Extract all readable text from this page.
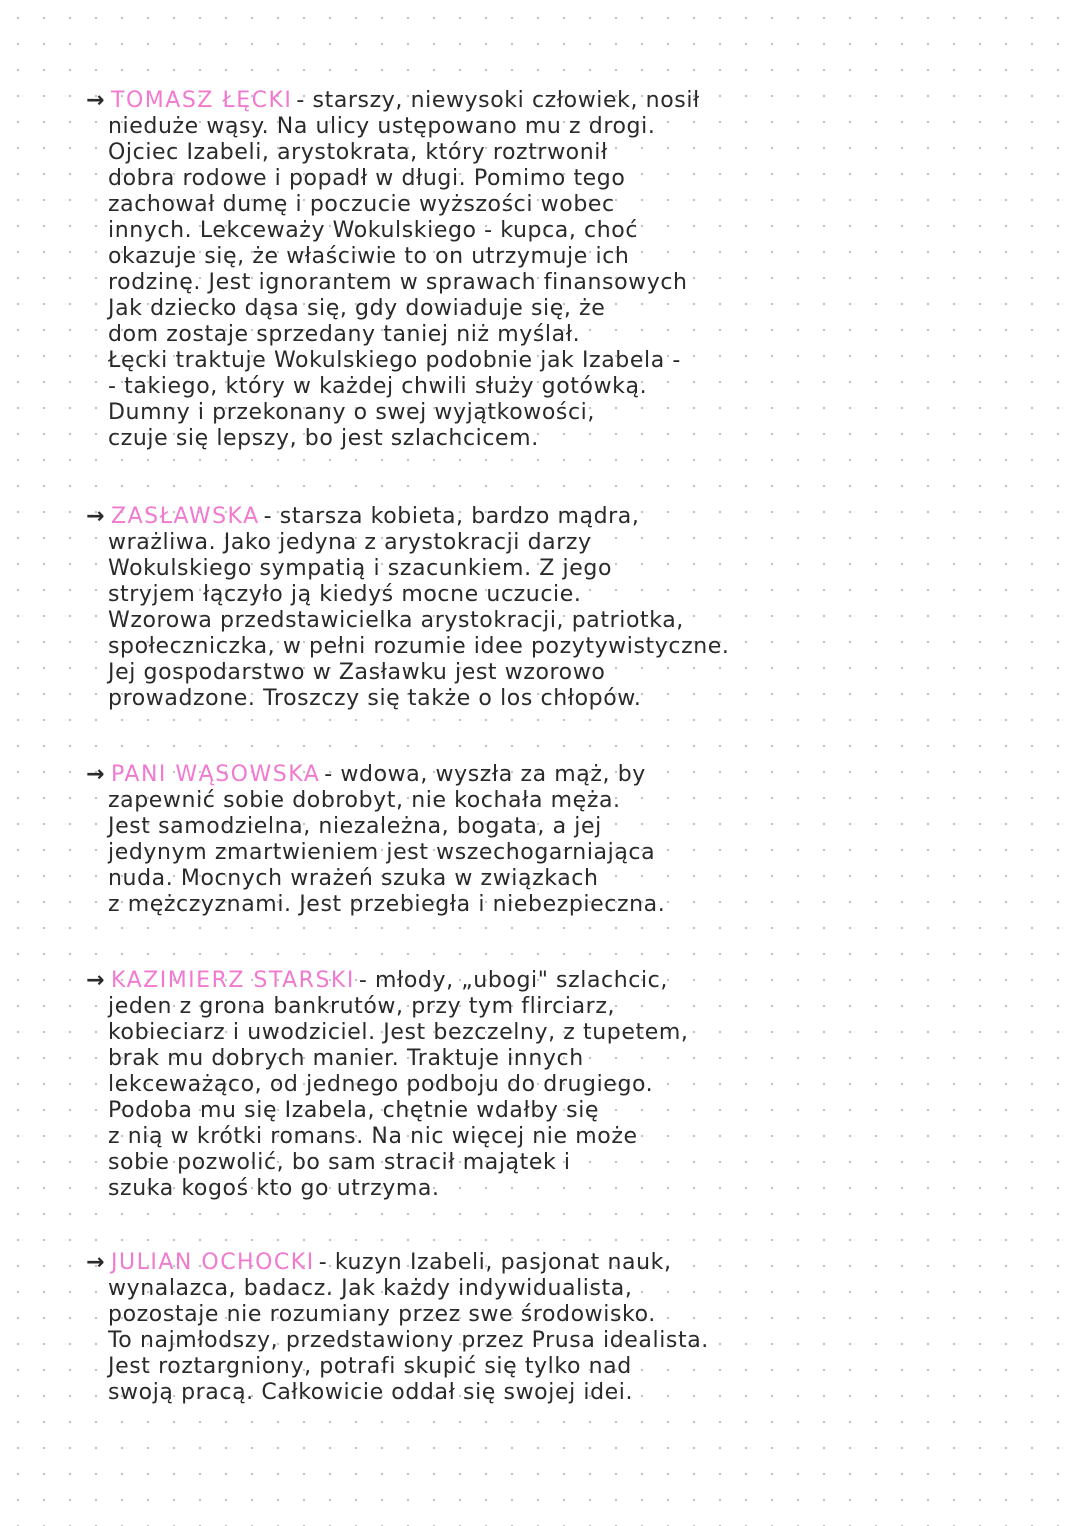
→ TOMASZ ŁĘCKI - starszy, niewysoki człowiek, nosił
nieduże wąsy. Na ulicy ustępowano mu z drogi.
Ojciec Izabeli, arystokrata, który roztrwonił
dobra rodowe i popadł w długi. Pomimo tego
zachował dumę i poczucie wyższości wobec
innych. Lekceważy Wokulskiego - kupca, choć
okazuje się, że właściwie to on utrzymuje ich
rodzinę. Jest ignorantem w sprawach finansowych
Jak dziecko dąsa się, gdy dowiaduje się, że
dom zostaje sprzedany taniej niż myślał.
Łęcki traktuje Wokulskiego podobnie jak Izabela -
- takiego, który w każdej chwili służy gotówką.
Dumny i przekonany o swej wyjątkowości,
czuje się lepszy, bo jest szlachcicem.
→ ZASŁAWSKA - starsza kobieta, bardzo mądra,
wrażliwa. Jako jedyna z arystokracji darzy
Wokulskiego sympatią i szacunkiem. Z jego
stryjem łączyło ją kiedyś mocne uczucie.
Wzorowa przedstawicielka arystokracji, patriotka,
społeczniczka, w pełni rozumie idee pozytywistyczne.
Jej gospodarstwo w Zasławku jest wzorowo
prowadzone. Troszczy się także o los chłopów.
→ PANI WĄSOWSKA - wdowa, wyszła za mąż, by
zapewnić sobie dobrobyt, nie kochała męża.
Jest samodzielna, niezależna, bogata, a jej
jedynym zmartwieniem jest wszechogarniająca
nuda. Mocnych wrażeń szuka w związkach
z mężczyznami. Jest przebiegła i niebezpieczna.
→ KAZIMIERZ STARSKI - młody, „ubogi" szlachcic,
jeden z grona bankrutów, przy tym flirciarz,
kobieciarz i uwodziciel. Jest bezczelny, z tupetem,
brak mu dobrych manier. Traktuje innych
lekceważąco, od jednego podboju do drugiego.
Podoba mu się Izabela, chętnie wdałby się
z nią w krótki romans. Na nic więcej nie może
sobie pozwolić, bo sam stracił majątek i
szuka kogoś kto go utrzyma.
→ JULIAN OCHOCKI - kuzyn Izabeli, pasjonat nauk,
wynalazca, badacz. Jak każdy indywidualista,
pozostaje nie rozumiany przez swe środowisko.
To najmłodszy, przedstawiony przez Prusa idealista.
Jest roztargniony, potrafi skupić się tylko nad
swoją pracą. Całkowicie oddał się swojej idei.
